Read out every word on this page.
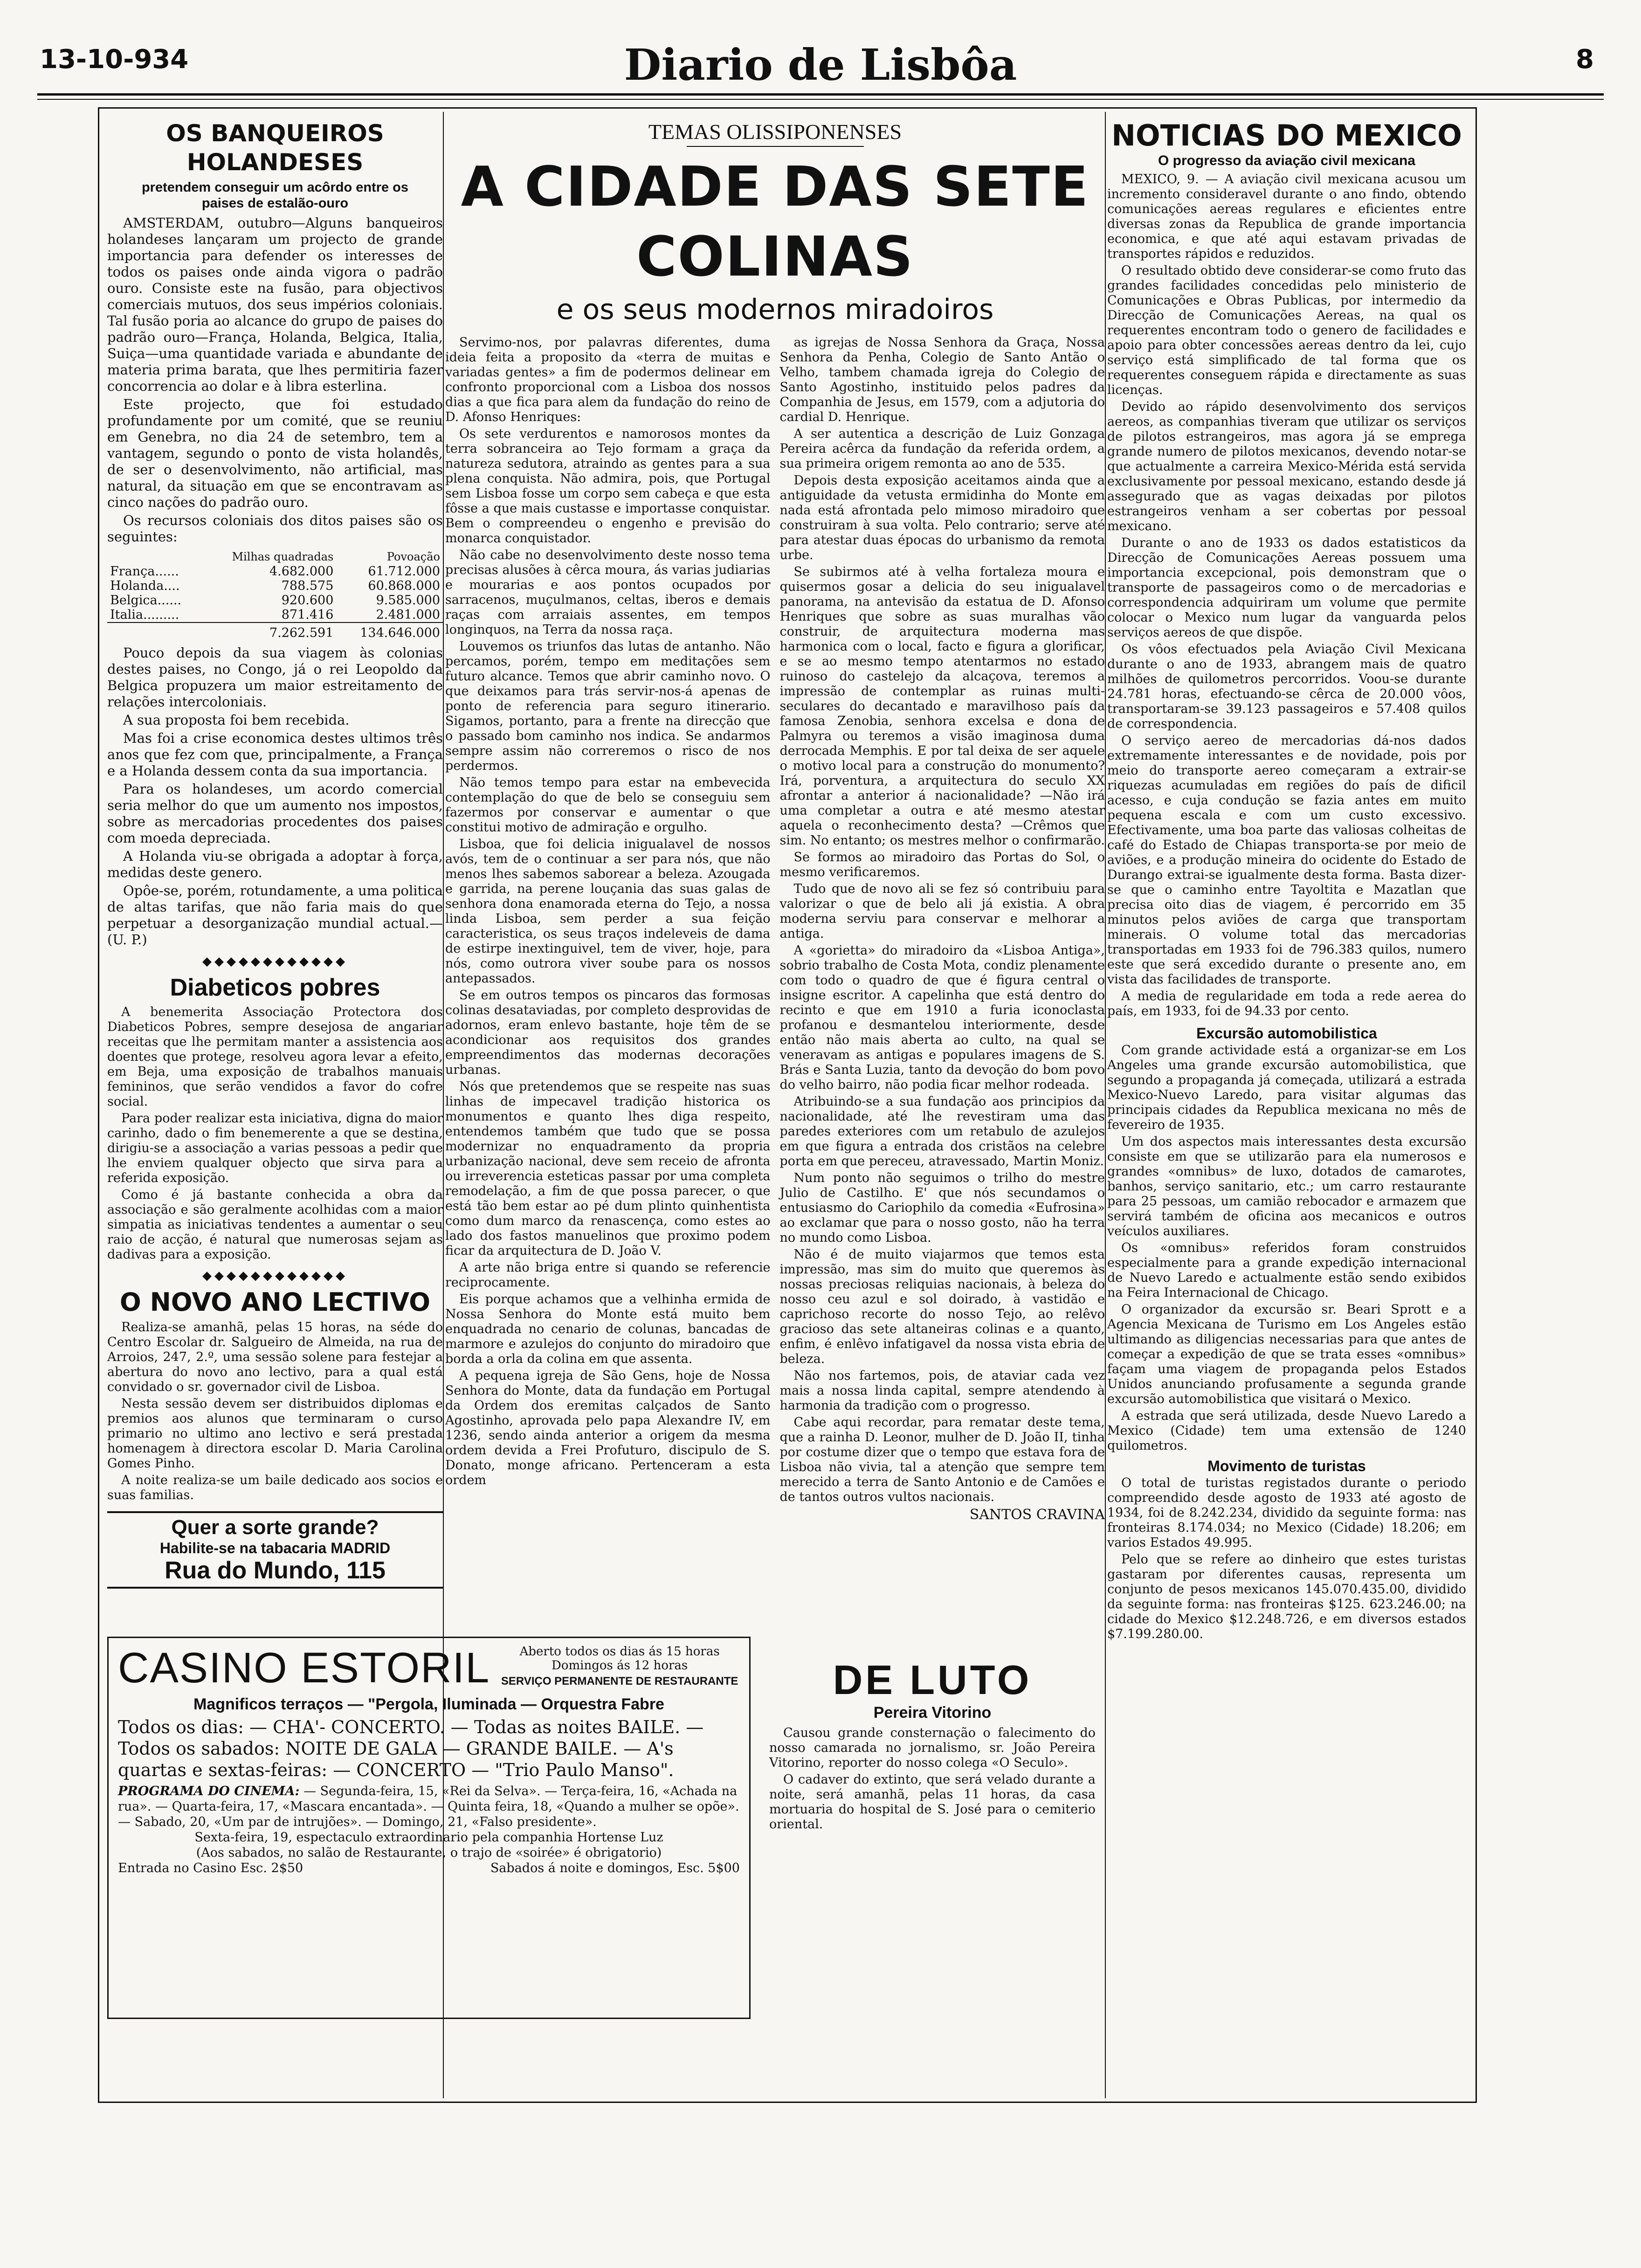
13-10-934	Diario de Lisbôa	8
OS BANQUEIROS HOLANDESES
pretendem conseguir um acôrdo entre os paises de estalão-ouro

AMSTERDAM, outubro—Alguns banqueiros holandeses lançaram um projecto de grande importancia para defender os interesses de todos os paises onde ainda vigora o padrão ouro. Consiste este na fusão, para objectivos comerciais mutuos, dos seus impérios coloniais. Tal fusão poria ao alcance do grupo de paises do padrão ouro—França, Holanda, Belgica, Italia, Suiça—uma quantidade variada e abundante de materia prima barata, que lhes permitiria fazer concorrencia ao dolar e à libra esterlina.

Este projecto, que foi estudado profundamente por um comité, que se reuniu em Genebra, no dia 24 de setembro, tem a vantagem, segundo o ponto de vista holandês, de ser o desenvolvimento, não artificial, mas natural, da situação em que se encontravam as cinco nações do padrão ouro.

Os recursos coloniais dos ditos paises são os seguintes:

	Milhas quadradas	Povoação
França......	4.682.000	61.712.000
Holanda....	788.575	60.868.000
Belgica......	920.600	9.585.000
Italia.........	871.416	2.481.000
	7.262.591	134.646.000

Pouco depois da sua viagem às colonias destes paises, no Congo, já o rei Leopoldo da Belgica propuzera um maior estreitamento de relações intercoloniais.

A sua proposta foi bem recebida.

Mas foi a crise economica destes ultimos três anos que fez com que, principalmente, a França e a Holanda dessem conta da sua importancia.

Para os holandeses, um acordo comercial seria melhor do que um aumento nos impostos, sobre as mercadorias procedentes dos paises com moeda depreciada.

A Holanda viu-se obrigada a adoptar à força, medidas deste genero.

Opôe-se, porém, rotundamente, a uma politica de altas tarifas, que não faria mais do que perpetuar a desorganização mundial actual.—(U. P.)

◆◆◆◆◆◆◆◆◆◆◆◆
Diabeticos pobres

A benemerita Associação Protectora dos Diabeticos Pobres, sempre desejosa de angariar receitas que lhe permitam manter a assistencia aos doentes que protege, resolveu agora levar a efeito, em Beja, uma exposição de trabalhos manuais femininos, que serão vendidos a favor do cofre social.

Para poder realizar esta iniciativa, digna do maior carinho, dado o fim benemerente a que se destina, dirigiu-se a associação a varias pessoas a pedir que lhe enviem qualquer objecto que sirva para a referida exposição.

Como é já bastante conhecida a obra da associação e são geralmente acolhidas com a maior simpatia as iniciativas tendentes a aumentar o seu raio de acção, é natural que numerosas sejam as dadivas para a exposição.

◆◆◆◆◆◆◆◆◆◆◆◆
O NOVO ANO LECTIVO

Realiza-se amanhã, pelas 15 horas, na séde do Centro Escolar dr. Salgueiro de Almeida, na rua de Arroios, 247, 2.º, uma sessão solene para festejar a abertura do novo ano lectivo, para a qual está convidado o sr. governador civil de Lisboa.

Nesta sessão devem ser distribuidos diplomas e premios aos alunos que terminaram o curso primario no ultimo ano lectivo e será prestada homenagem à directora escolar D. Maria Carolina Gomes Pinho.

A noite realiza-se um baile dedicado aos socios e suas familias.

Quer a sorte grande?
Habilite-se na tabacaria MADRID
Rua do Mundo, 115
TEMAS OLISSIPONENSES
A CIDADE DAS SETE COLINAS
e os seus modernos miradoiros

Servimo-nos, por palavras diferentes, duma ideia feita a proposito da «terra de muitas e variadas gentes» a fim de podermos delinear em confronto proporcional com a Lisboa dos nossos dias a que fica para alem da fundação do reino de D. Afonso Henriques:

Os sete verdurentos e namorosos montes da terra sobranceira ao Tejo formam a graça da natureza sedutora, atraindo as gentes para a sua plena conquista. Não admira, pois, que Portugal sem Lisboa fosse um corpo sem cabeça e que esta fôsse a que mais custasse e importasse conquistar. Bem o compreendeu o engenho e previsão do monarca conquistador.

Não cabe no desenvolvimento deste nosso tema precisas alusões à cêrca moura, ás varias judiarias e mourarias e aos pontos ocupados por sarracenos, muçulmanos, celtas, iberos e demais raças com arraiais assentes, em tempos longinquos, na Terra da nossa raça.

Louvemos os triunfos das lutas de antanho. Não percamos, porém, tempo em meditações sem futuro alcance. Temos que abrir caminho novo. O que deixamos para trás servir-nos-á apenas de ponto de referencia para seguro itinerario. Sigamos, portanto, para a frente na direcção que o passado bom caminho nos indica. Se andarmos sempre assim não correremos o risco de nos perdermos.

Não temos tempo para estar na embevecida contemplação do que de belo se conseguiu sem fazermos por conservar e aumentar o que constitui motivo de admiração e orgulho.

Lisboa, que foi delicia inigualavel de nossos avós, tem de o continuar a ser para nós, que não menos lhes sabemos saborear a beleza. Azougada e garrida, na perene louçania das suas galas de senhora dona enamorada eterna do Tejo, a nossa linda Lisboa, sem perder a sua feição caracteristica, os seus traços indeleveis de dama de estirpe inextinguivel, tem de viver, hoje, para nós, como outrora viver soube para os nossos antepassados.

Se em outros tempos os pincaros das formosas colinas desataviadas, por completo desprovidas de adornos, eram enlevo bastante, hoje têm de se acondicionar aos requisitos dos grandes empreendimentos das modernas decorações urbanas.

Nós que pretendemos que se respeite nas suas linhas de impecavel tradição historica os monumentos e quanto lhes diga respeito, entendemos também que tudo que se possa modernizar no enquadramento da propria urbanização nacional, deve sem receio de afronta ou irreverencia esteticas passar por uma completa remodelação, a fim de que possa parecer, o que está tão bem estar ao pé dum plinto quinhentista como dum marco da renascença, como estes ao lado dos fastos manuelinos que proximo podem ficar da arquitectura de D. João V.

A arte não briga entre si quando se referencie reciprocamente.

Eis porque achamos que a velhinha ermida de Nossa Senhora do Monte está muito bem enquadrada no cenario de colunas, bancadas de marmore e azulejos do conjunto do miradoiro que borda a orla da colina em que assenta.

A pequena igreja de São Gens, hoje de Nossa Senhora do Monte, data da fundação em Portugal da Ordem dos eremitas calçados de Santo Agostinho, aprovada pelo papa Alexandre IV, em 1236, sendo ainda anterior a origem da mesma ordem devida a Frei Profuturo, discipulo de S. Donato, monge africano. Pertenceram a esta ordem

as igrejas de Nossa Senhora da Graça, Nossa Senhora da Penha, Colegio de Santo Antão o Velho, tambem chamada igreja do Colegio de Santo Agostinho, instituido pelos padres da Companhia de Jesus, em 1579, com a adjutoria do cardial D. Henrique.

A ser autentica a descrição de Luiz Gonzaga Pereira acêrca da fundação da referida ordem, a sua primeira origem remonta ao ano de 535.

Depois desta exposição aceitamos ainda que a antiguidade da vetusta ermidinha do Monte em nada está afrontada pelo mimoso miradoiro que construiram à sua volta. Pelo contrario; serve até para atestar duas épocas do urbanismo da remota urbe.

Se subirmos até à velha fortaleza moura e quisermos gosar a delicia do seu inigualavel panorama, na antevisão da estatua de D. Afonso Henriques que sobre as suas muralhas vão construir, de arquitectura moderna mas harmonica com o local, facto e figura a glorificar, e se ao mesmo tempo atentarmos no estado ruinoso do castelejo da alcaçova, teremos a impressão de contemplar as ruinas multi-seculares do decantado e maravilhoso país da famosa Zenobia, senhora excelsa e dona de Palmyra ou teremos a visão imaginosa duma derrocada Memphis. E por tal deixa de ser aquele o motivo local para a construção do monumento? Irá, porventura, a arquitectura do seculo XX afrontar a anterior á nacionalidade? —Não irá uma completar a outra e até mesmo atestar aquela o reconhecimento desta? —Crêmos que sim. No entanto; os mestres melhor o confirmarão.

Se formos ao miradoiro das Portas do Sol, o mesmo verificaremos.

Tudo que de novo ali se fez só contribuiu para valorizar o que de belo ali já existia. A obra moderna serviu para conservar e melhorar a antiga.

A «gorietta» do miradoiro da «Lisboa Antiga», sobrio trabalho de Costa Mota, condiz plenamente com todo o quadro de que é figura central o insigne escritor. A capelinha que está dentro do recinto e que em 1910 a furia iconoclasta profanou e desmantelou interiormente, desde então não mais aberta ao culto, na qual se veneravam as antigas e populares imagens de S. Brás e Santa Luzia, tanto da devoção do bom povo do velho bairro, não podia ficar melhor rodeada.

Atribuindo-se a sua fundação aos principios da nacionalidade, até lhe revestiram uma das paredes exteriores com um retabulo de azulejos em que figura a entrada dos cristãos na celebre porta em que pereceu, atravessado, Martin Moniz.

Num ponto não seguimos o trilho do mestre Julio de Castilho. E' que nós secundamos o entusiasmo do Cariophilo da comedia «Eufrosina» ao exclamar que para o nosso gosto, não ha terra no mundo como Lisboa.

Não é de muito viajarmos que temos esta impressão, mas sim do muito que queremos às nossas preciosas reliquias nacionais, à beleza do nosso ceu azul e sol doirado, à vastidão e caprichoso recorte do nosso Tejo, ao relêvo gracioso das sete altaneiras colinas e a quanto, enfim, é enlêvo infatigavel da nossa vista ebria de beleza.

Não nos fartemos, pois, de ataviar cada vez mais a nossa linda capital, sempre atendendo à harmonia da tradição com o progresso.

Cabe aqui recordar, para rematar deste tema, que a rainha D. Leonor, mulher de D. João II, tinha por costume dizer que o tempo que estava fora de Lisboa não vivia, tal a atenção que sempre tem merecido a terra de Santo Antonio e de Camões e de tantos outros vultos nacionais.

SANTOS CRAVINA
CASINO ESTORIL	Aberto todos os dias ás 15 horas Domingos ás 12 horas
SERVIÇO PERMANENTE DE RESTAURANTE
Magnificos terraços — "Pergola, Iluminada — Orquestra Fabre
Todos os dias: — CHA'- CONCERTO. — Todas as noites BAILE. — Todos os sabados: NOITE DE GALA — GRANDE BAILE. — A's quartas e sextas-feiras: — CONCERTO — "Trio Paulo Manso".
PROGRAMA DO CINEMA: — Segunda-feira, 15, «Rei da Selva». — Terça-feira, 16, «Achada na rua». — Quarta-feira, 17, «Mascara encantada». — Quinta feira, 18, «Quando a mulher se opõe». — Sabado, 20, «Um par de intrujões». — Domingo, 21, «Falso presidente».
Sexta-feira, 19, espectaculo extraordinario pela companhia Hortense Luz
(Aos sabados, no salão de Restaurante, o trajo de «soirée» é obrigatorio)
Entrada no Casino Esc. 2$50	Sabados á noite e domingos, Esc. 5$00
DE LUTO
Pereira Vitorino

Causou grande consternação o falecimento do nosso camarada no jornalismo, sr. João Pereira Vitorino, reporter do nosso colega «O Seculo».

O cadaver do extinto, que será velado durante a noite, será amanhã, pelas 11 horas, da casa mortuaria do hospital de S. José para o cemiterio oriental.

NOTICIAS DO MEXICO
O progresso da aviação civil mexicana

MEXICO, 9. — A aviação civil mexicana acusou um incremento consideravel durante o ano findo, obtendo comunicações aereas regulares e eficientes entre diversas zonas da Republica de grande importancia economica, e que até aqui estavam privadas de transportes rápidos e reduzidos.

O resultado obtido deve considerar-se como fruto das grandes facilidades concedidas pelo ministerio de Comunicações e Obras Publicas, por intermedio da Direcção de Comunicações Aereas, na qual os requerentes encontram todo o genero de facilidades e apoio para obter concessões aereas dentro da lei, cujo serviço está simplificado de tal forma que os requerentes conseguem rápida e directamente as suas licenças.

Devido ao rápido desenvolvimento dos serviços aereos, as companhias tiveram que utilizar os serviços de pilotos estrangeiros, mas agora já se emprega grande numero de pilotos mexicanos, devendo notar-se que actualmente a carreira Mexico-Mérida está servida exclusivamente por pessoal mexicano, estando desde já assegurado que as vagas deixadas por pilotos estrangeiros venham a ser cobertas por pessoal mexicano.

Durante o ano de 1933 os dados estatisticos da Direcção de Comunicações Aereas possuem uma importancia excepcional, pois demonstram que o transporte de passageiros como o de mercadorias e correspondencia adquiriram um volume que permite colocar o Mexico num lugar da vanguarda pelos serviços aereos de que dispõe.

Os vôos efectuados pela Aviação Civil Mexicana durante o ano de 1933, abrangem mais de quatro milhões de quilometros percorridos. Voou-se durante 24.781 horas, efectuando-se cêrca de 20.000 vôos, transportaram-se 39.123 passageiros e 57.408 quilos de correspondencia.

O serviço aereo de mercadorias dá-nos dados extremamente interessantes e de novidade, pois por meio do transporte aereo começaram a extrair-se riquezas acumuladas em regiões do país de dificil acesso, e cuja condução se fazia antes em muito pequena escala e com um custo excessivo. Efectivamente, uma boa parte das valiosas colheitas de café do Estado de Chiapas transporta-se por meio de aviões, e a produção mineira do ocidente do Estado de Durango extrai-se igualmente desta forma. Basta dizer-se que o caminho entre Tayoltita e Mazatlan que precisa oito dias de viagem, é percorrido em 35 minutos pelos aviões de carga que transportam minerais. O volume total das mercadorias transportadas em 1933 foi de 796.383 quilos, numero este que será excedido durante o presente ano, em vista das facilidades de transporte.

A media de regularidade em toda a rede aerea do país, em 1933, foi de 94.33 por cento.

Excursão automobilistica

Com grande actividade está a organizar-se em Los Angeles uma grande excursão automobilistica, que segundo a propaganda já começada, utilizará a estrada Mexico-Nuevo Laredo, para visitar algumas das principais cidades da Republica mexicana no mês de fevereiro de 1935.

Um dos aspectos mais interessantes desta excursão consiste em que se utilizarão para ela numerosos e grandes «omnibus» de luxo, dotados de camarotes, banhos, serviço sanitario, etc.; um carro restaurante para 25 pessoas, um camião rebocador e armazem que servirá também de oficina aos mecanicos e outros veículos auxiliares.

Os «omnibus» referidos foram construidos especialmente para a grande expedição internacional de Nuevo Laredo e actualmente estão sendo exibidos na Feira Internacional de Chicago.

O organizador da excursão sr. Beari Sprott e a Agencia Mexicana de Turismo em Los Angeles estão ultimando as diligencias necessarias para que antes de começar a expedição de que se trata esses «omnibus» façam uma viagem de propaganda pelos Estados Unidos anunciando profusamente a segunda grande excursão automobilistica que visitará o Mexico.

A estrada que será utilizada, desde Nuevo Laredo a Mexico (Cidade) tem uma extensão de 1240 quilometros.

Movimento de turistas

O total de turistas registados durante o periodo compreendido desde agosto de 1933 até agosto de 1934, foi de 8.242.234, dividido da seguinte forma: nas fronteiras 8.174.034; no Mexico (Cidade) 18.206; em varios Estados 49.995.

Pelo que se refere ao dinheiro que estes turistas gastaram por diferentes causas, representa um conjunto de pesos mexicanos 145.070.435.00, dividido da seguinte forma: nas fronteiras $125. 623.246.00; na cidade do Mexico $12.248.726, e em diversos estados $7.199.280.00.
